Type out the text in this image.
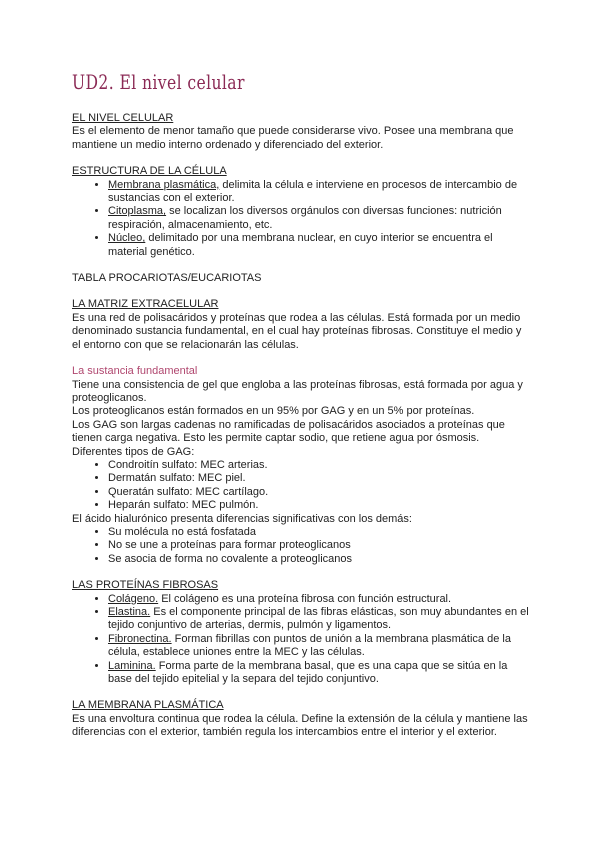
UD2. El nivel celular

EL NIVEL CELULAR

Es el elemento de menor tamaño que puede considerarse vivo. Posee una membrana que mantiene un medio interno ordenado y diferenciado del exterior.

ESTRUCTURA DE LA CÉLULA

• Membrana plasmática, delimita la célula e interviene en procesos de intercambio de sustancias con el exterior.
• Citoplasma, se localizan los diversos orgánulos con diversas funciones: nutrición respiración, almacenamiento, etc.
• Núcleo, delimitado por una membrana nuclear, en cuyo interior se encuentra el material genético.

TABLA PROCARIOTAS/EUCARIOTAS

LA MATRIZ EXTRACELULAR

Es una red de polisacáridos y proteínas que rodea a las células. Está formada por un medio denominado sustancia fundamental, en el cual hay proteínas fibrosas. Constituye el medio y el entorno con que se relacionarán las células.

La sustancia fundamental

Tiene una consistencia de gel que engloba a las proteínas fibrosas, está formada por agua y proteoglicanos.

Los proteoglicanos están formados en un 95% por GAG y en un 5% por proteínas.

Los GAG son largas cadenas no ramificadas de polisacáridos asociados a proteínas que tienen carga negativa. Esto les permite captar sodio, que retiene agua por ósmosis. Diferentes tipos de GAG:

• Condroitín sulfato: MEC arterias.
• Dermatán sulfato: MEC piel.
• Queratán sulfato: MEC cartílago.
• Heparán sulfato: MEC pulmón.

El ácido hialurónico presenta diferencias significativas con los demás:

• Su molécula no está fosfatada
• No se une a proteínas para formar proteoglicanos
• Se asocia de forma no covalente a proteoglicanos

LAS PROTEÍNAS FIBROSAS

• Colágeno. El colágeno es una proteína fibrosa con función estructural.
• Elastina. Es el componente principal de las fibras elásticas, son muy abundantes en el tejido conjuntivo de arterias, dermis, pulmón y ligamentos.
• Fibronectina. Forman fibrillas con puntos de unión a la membrana plasmática de la célula, establece uniones entre la MEC y las células.
• Laminina. Forma parte de la membrana basal, que es una capa que se sitúa en la base del tejido epitelial y la separa del tejido conjuntivo.

LA MEMBRANA PLASMÁTICA

Es una envoltura continua que rodea la célula. Define la extensión de la célula y mantiene las diferencias con el exterior, también regula los intercambios entre el interior y el exterior.
